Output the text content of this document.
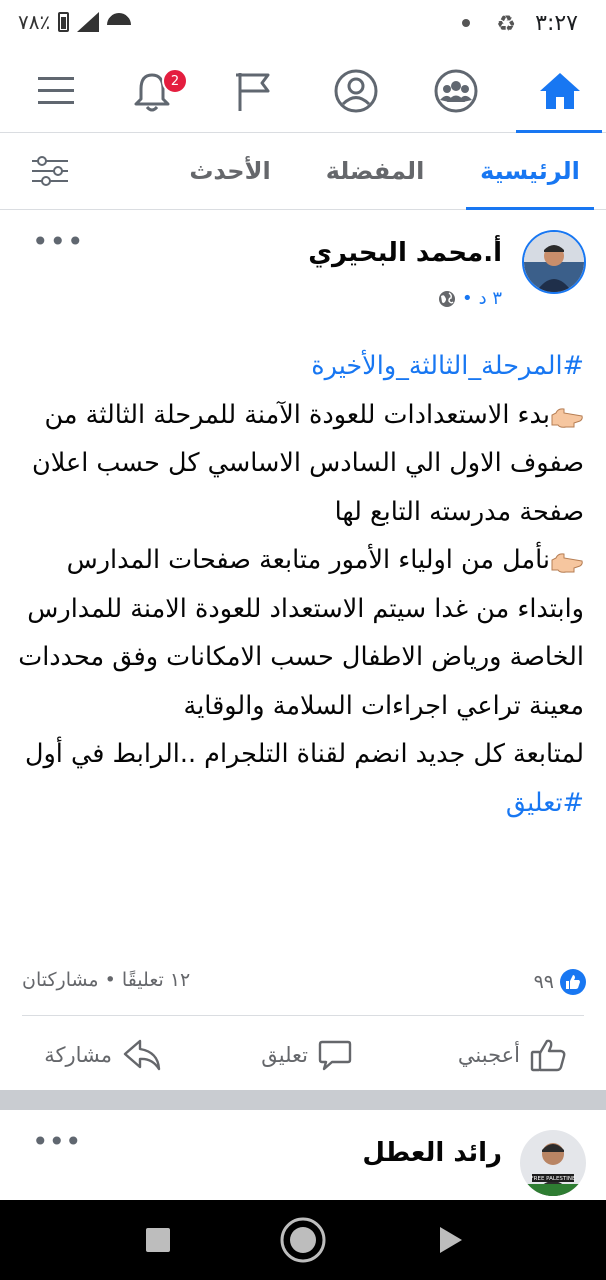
٧٨٪	♻ ٣:٢٧
2
الرئيسية
المفضلة
الأحدث
أ.محمد البحيري
٣ د
•
•••

#المرحلة_الثالثة_والأخيرة

بدء الاستعدادات للعودة الآمنة للمرحلة الثالثة من صفوف الاول الي السادس الاساسي كل حسب اعلان صفحة مدرسته التابع لها

نأمل من اولياء الأمور متابعة صفحات المدارس

وابتداء من غدا سيتم الاستعداد للعودة الامنة للمدارس الخاصة ورياض الاطفال حسب الامكانات وفق محددات معينة تراعي اجراءات السلامة والوقاية

لمتابعة كل جديد انضم لقناة التلجرام ..الرابط في أول #تعليق

٩٩
١٢ تعليقًا • مشاركتان
أعجبني
تعليق
مشاركة
FREE PALESTINE
رائد العطل
•••
